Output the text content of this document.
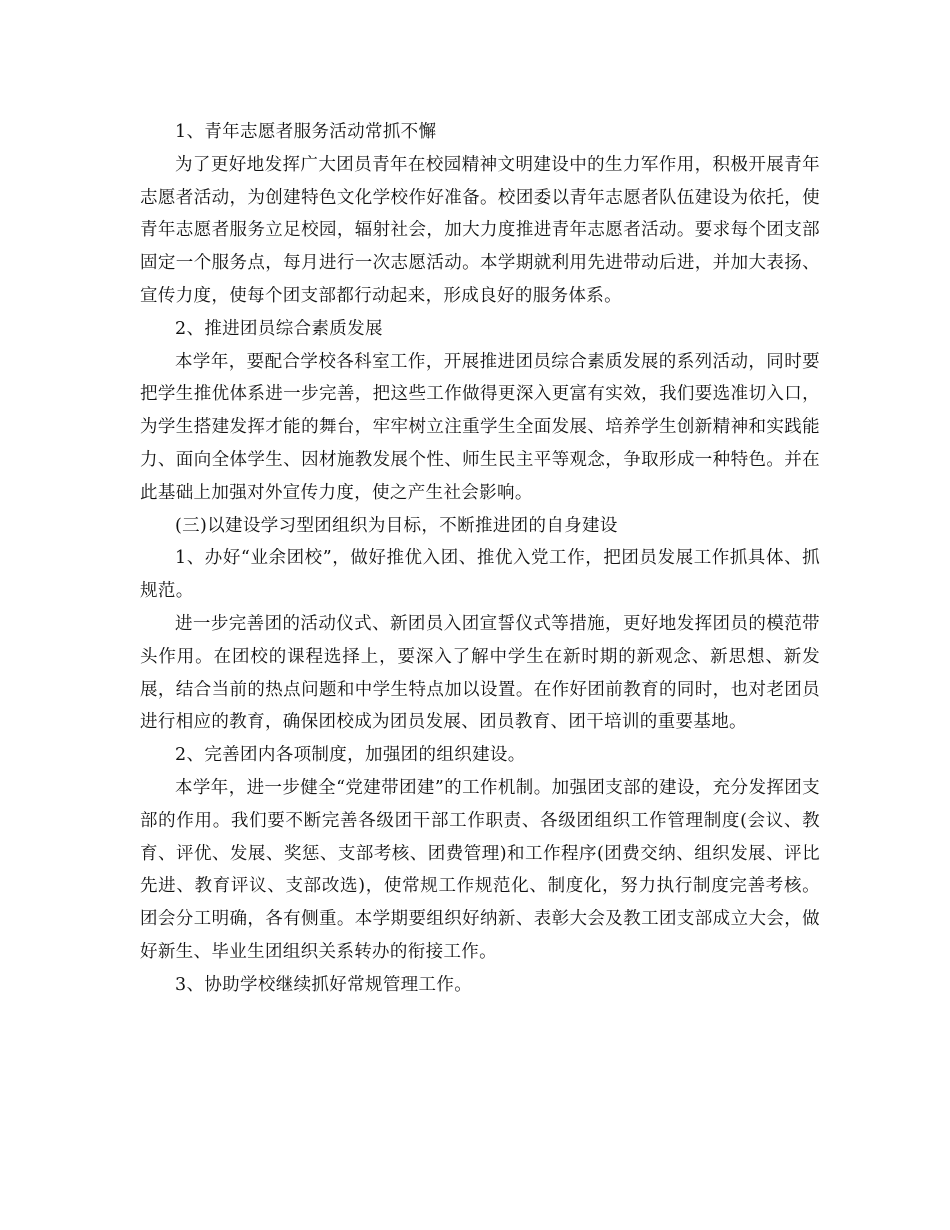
1、青年志愿者服务活动常抓不懈

为了更好地发挥广大团员青年在校园精神文明建设中的生力军作用，积极开展青年志愿者活动，为创建特色文化学校作好准备。校团委以青年志愿者队伍建设为依托，使青年志愿者服务立足校园，辐射社会，加大力度推进青年志愿者活动。要求每个团支部固定一个服务点，每月进行一次志愿活动。本学期就利用先进带动后进，并加大表扬、宣传力度，使每个团支部都行动起来，形成良好的服务体系。

2、推进团员综合素质发展

本学年，要配合学校各科室工作，开展推进团员综合素质发展的系列活动，同时要把学生推优体系进一步完善，把这些工作做得更深入更富有实效，我们要选准切入口，为学生搭建发挥才能的舞台，牢牢树立注重学生全面发展、培养学生创新精神和实践能力、面向全体学生、因材施教发展个性、师生民主平等观念，争取形成一种特色。并在此基础上加强对外宣传力度，使之产生社会影响。

(三)以建设学习型团组织为目标，不断推进团的自身建设

1、办好“业余团校”，做好推优入团、推优入党工作，把团员发展工作抓具体、抓规范。

进一步完善团的活动仪式、新团员入团宣誓仪式等措施，更好地发挥团员的模范带头作用。在团校的课程选择上，要深入了解中学生在新时期的新观念、新思想、新发展，结合当前的热点问题和中学生特点加以设置。在作好团前教育的同时，也对老团员进行相应的教育，确保团校成为团员发展、团员教育、团干培训的重要基地。

2、完善团内各项制度，加强团的组织建设。

本学年，进一步健全“党建带团建”的工作机制。加强团支部的建设，充分发挥团支部的作用。我们要不断完善各级团干部工作职责、各级团组织工作管理制度(会议、教育、评优、发展、奖惩、支部考核、团费管理)和工作程序(团费交纳、组织发展、评比先进、教育评议、支部改选)，使常规工作规范化、制度化，努力执行制度完善考核。团会分工明确，各有侧重。本学期要组织好纳新、表彰大会及教工团支部成立大会，做好新生、毕业生团组织关系转办的衔接工作。

3、协助学校继续抓好常规管理工作。
